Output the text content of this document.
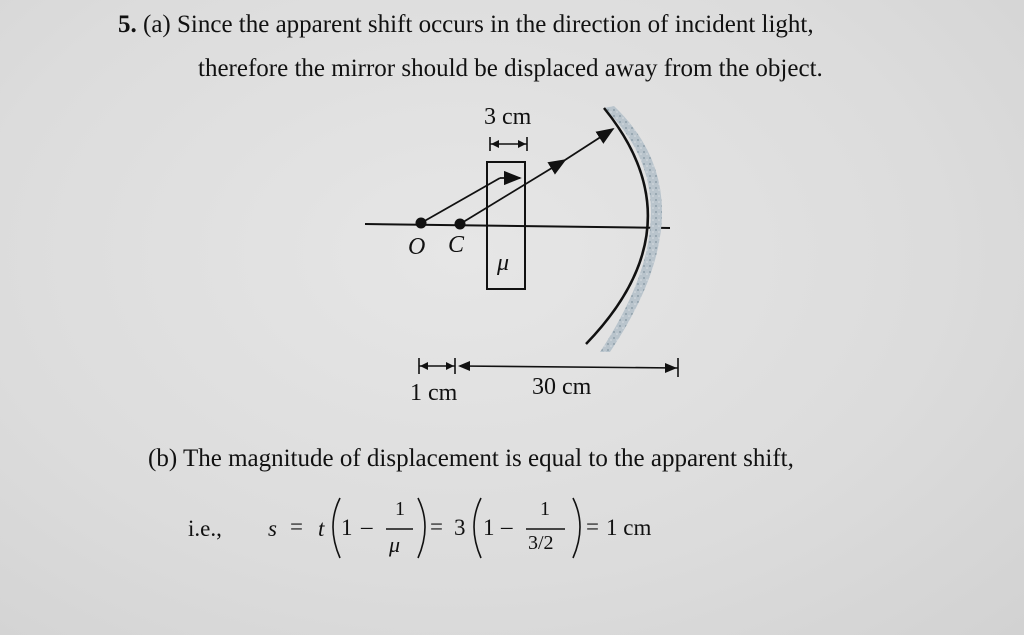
5. (a) Since the apparent shift occurs in the direction of incident light,
therefore the mirror should be displaced away from the object.
3 cm
O C
μ
1 cm	30 cm
(b) The magnitude of displacement is equal to the apparent shift,
i.e., s = t 1 –
1
μ
= 3 1 –
1
3/2
= 1 cm
